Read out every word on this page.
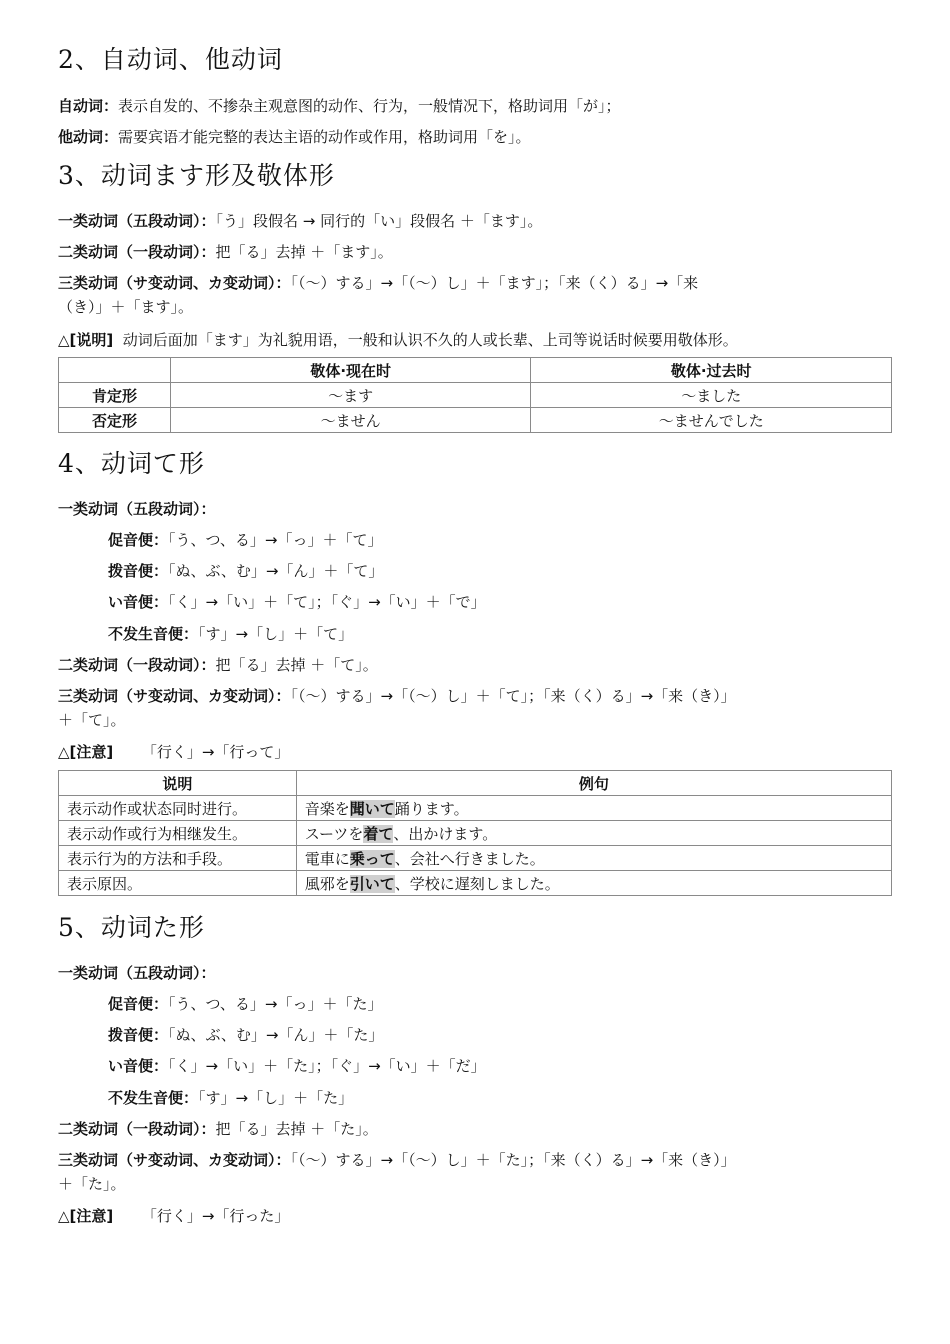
2、自动词、他动词
自动词：表示自发的、不掺杂主观意图的动作、行为，一般情况下，格助词用「が」；
他动词：需要宾语才能完整的表达主语的动作或作用，格助词用「を」。
3、动词ます形及敬体形
一类动词（五段动词）：「う」段假名 → 同行的「い」段假名 ＋「ます」。
二类动词（一段动词）：把「る」去掉 ＋「ます」。
三类动词（サ变动词、カ变动词）：「（～）する」→「（～）し」＋「ます」；「来（く）る」→「来
（き）」＋「ます」。
△[说明] 动词后面加「ます」为礼貌用语，一般和认识不久的人或长辈、上司等说话时候要用敬体形。
	敬体·现在时	敬体·过去时
肯定形	～ます	～ました
否定形	～ません	～ませんでした
4、动词て形
一类动词（五段动词）：
促音便：「う、つ、る」→「っ」＋「て」
拨音便：「ぬ、ぶ、む」→「ん」＋「て」
い音便：「く」→「い」＋「て」；「ぐ」→「い」＋「で」
不发生音便：「す」→「し」＋「て」
二类动词（一段动词）：把「る」去掉 ＋「て」。
三类动词（サ变动词、カ变动词）：「（～）する」→「（～）し」＋「て」；「来（く）る」→「来（き）」
＋「て」。
△[注意] 「行く」→「行って」
说明	例句
表示动作或状态同时进行。	音楽を聞いて踊ります。
表示动作或行为相继发生。	スーツを着て、出かけます。
表示行为的方法和手段。	電車に乗って、会社へ行きました。
表示原因。	風邪を引いて、学校に遅刻しました。
5、动词た形
一类动词（五段动词）：
促音便：「う、つ、る」→「っ」＋「た」
拨音便：「ぬ、ぶ、む」→「ん」＋「た」
い音便：「く」→「い」＋「た」；「ぐ」→「い」＋「だ」
不发生音便：「す」→「し」＋「た」
二类动词（一段动词）：把「る」去掉 ＋「た」。
三类动词（サ变动词、カ变动词）：「（～）する」→「（～）し」＋「た」；「来（く）る」→「来（き）」
＋「た」。
△[注意] 「行く」→「行った」
